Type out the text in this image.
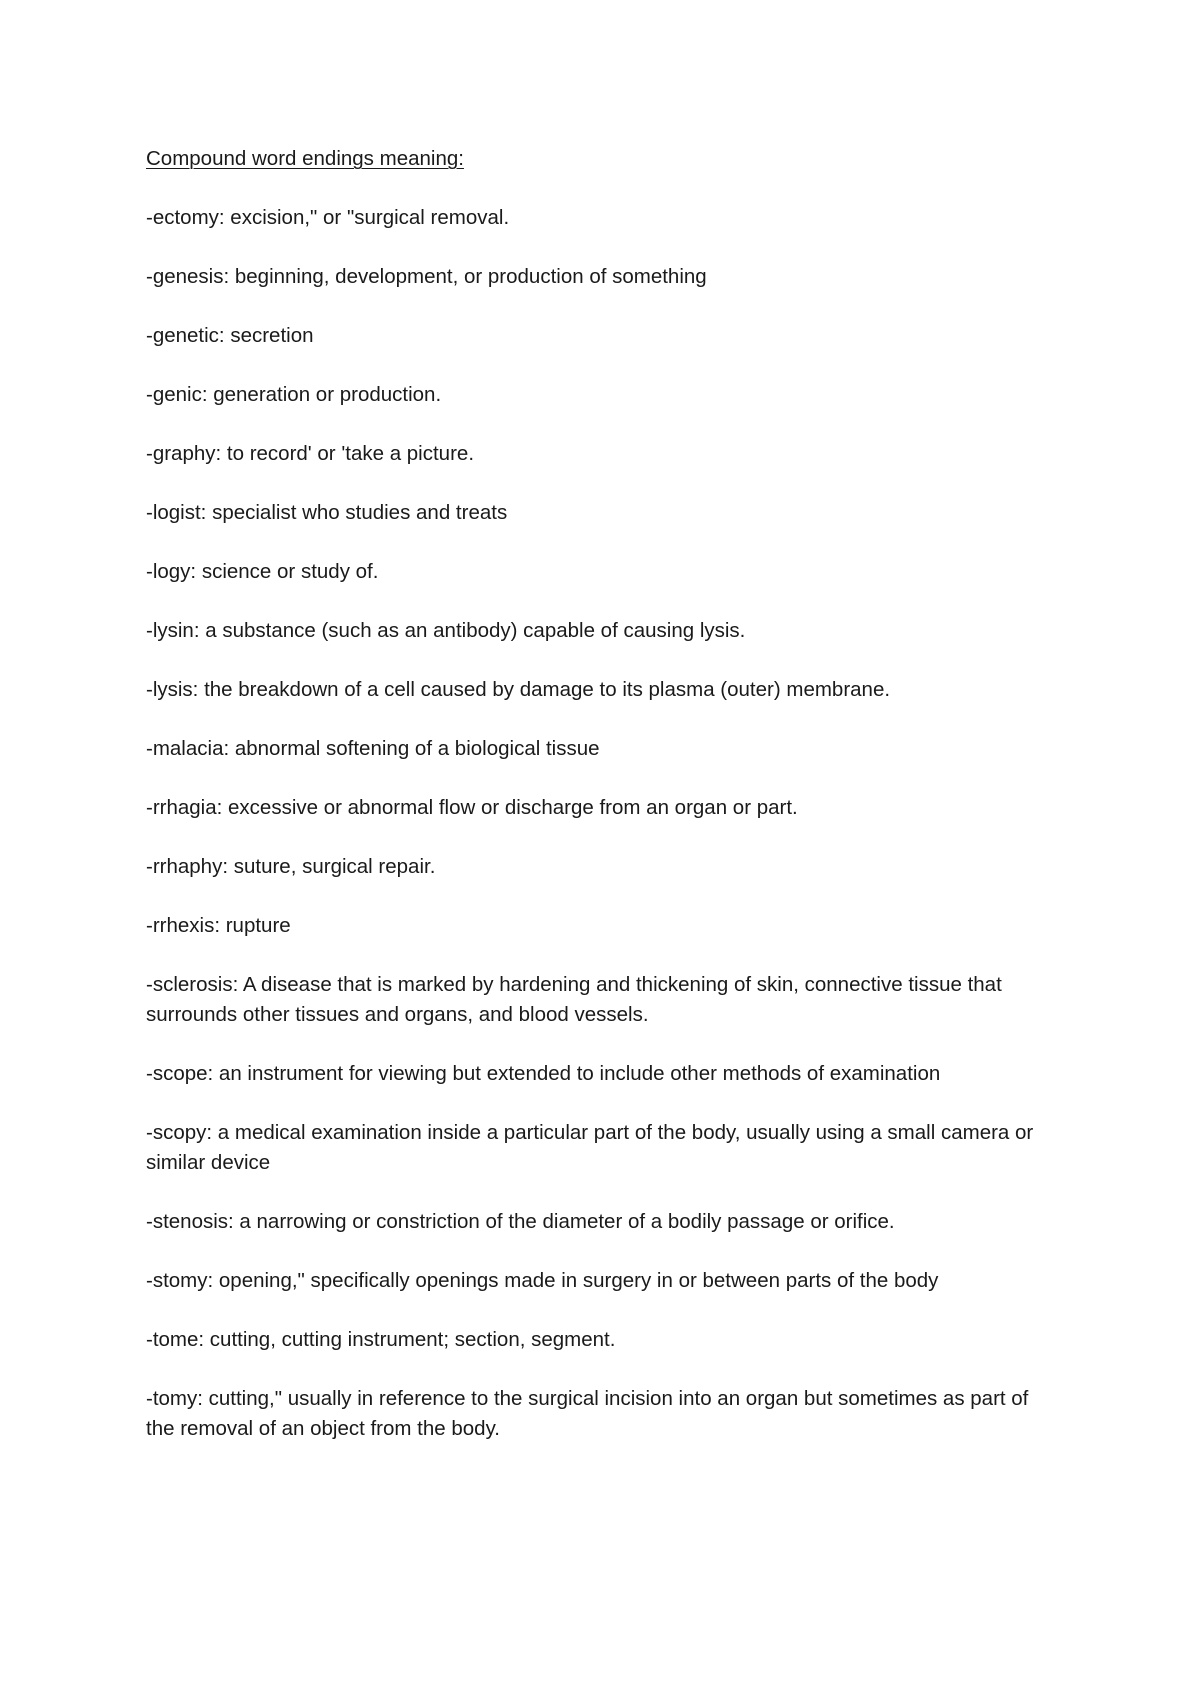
Compound word endings meaning:

-ectomy: excision," or "surgical removal.

-genesis: beginning, development, or production of something

-genetic: secretion

-genic: generation or production.

-graphy: to record' or 'take a picture.

-logist: specialist who studies and treats

-logy: science or study of.

-lysin: a substance (such as an antibody) capable of causing lysis.

-lysis: the breakdown of a cell caused by damage to its plasma (outer) membrane.

-malacia: abnormal softening of a biological tissue

-rrhagia: excessive or abnormal flow or discharge from an organ or part.

-rrhaphy: suture, surgical repair.

-rrhexis: rupture

-sclerosis: A disease that is marked by hardening and thickening of skin, connective tissue that surrounds other tissues and organs, and blood vessels.

-scope: an instrument for viewing but extended to include other methods of examination

-scopy: a medical examination inside a particular part of the body, usually using a small camera or similar device

-stenosis: a narrowing or constriction of the diameter of a bodily passage or orifice.

-stomy: opening," specifically openings made in surgery in or between parts of the body

-tome: cutting, cutting instrument; section, segment.

-tomy: cutting," usually in reference to the surgical incision into an organ but sometimes as part of the removal of an object from the body.
